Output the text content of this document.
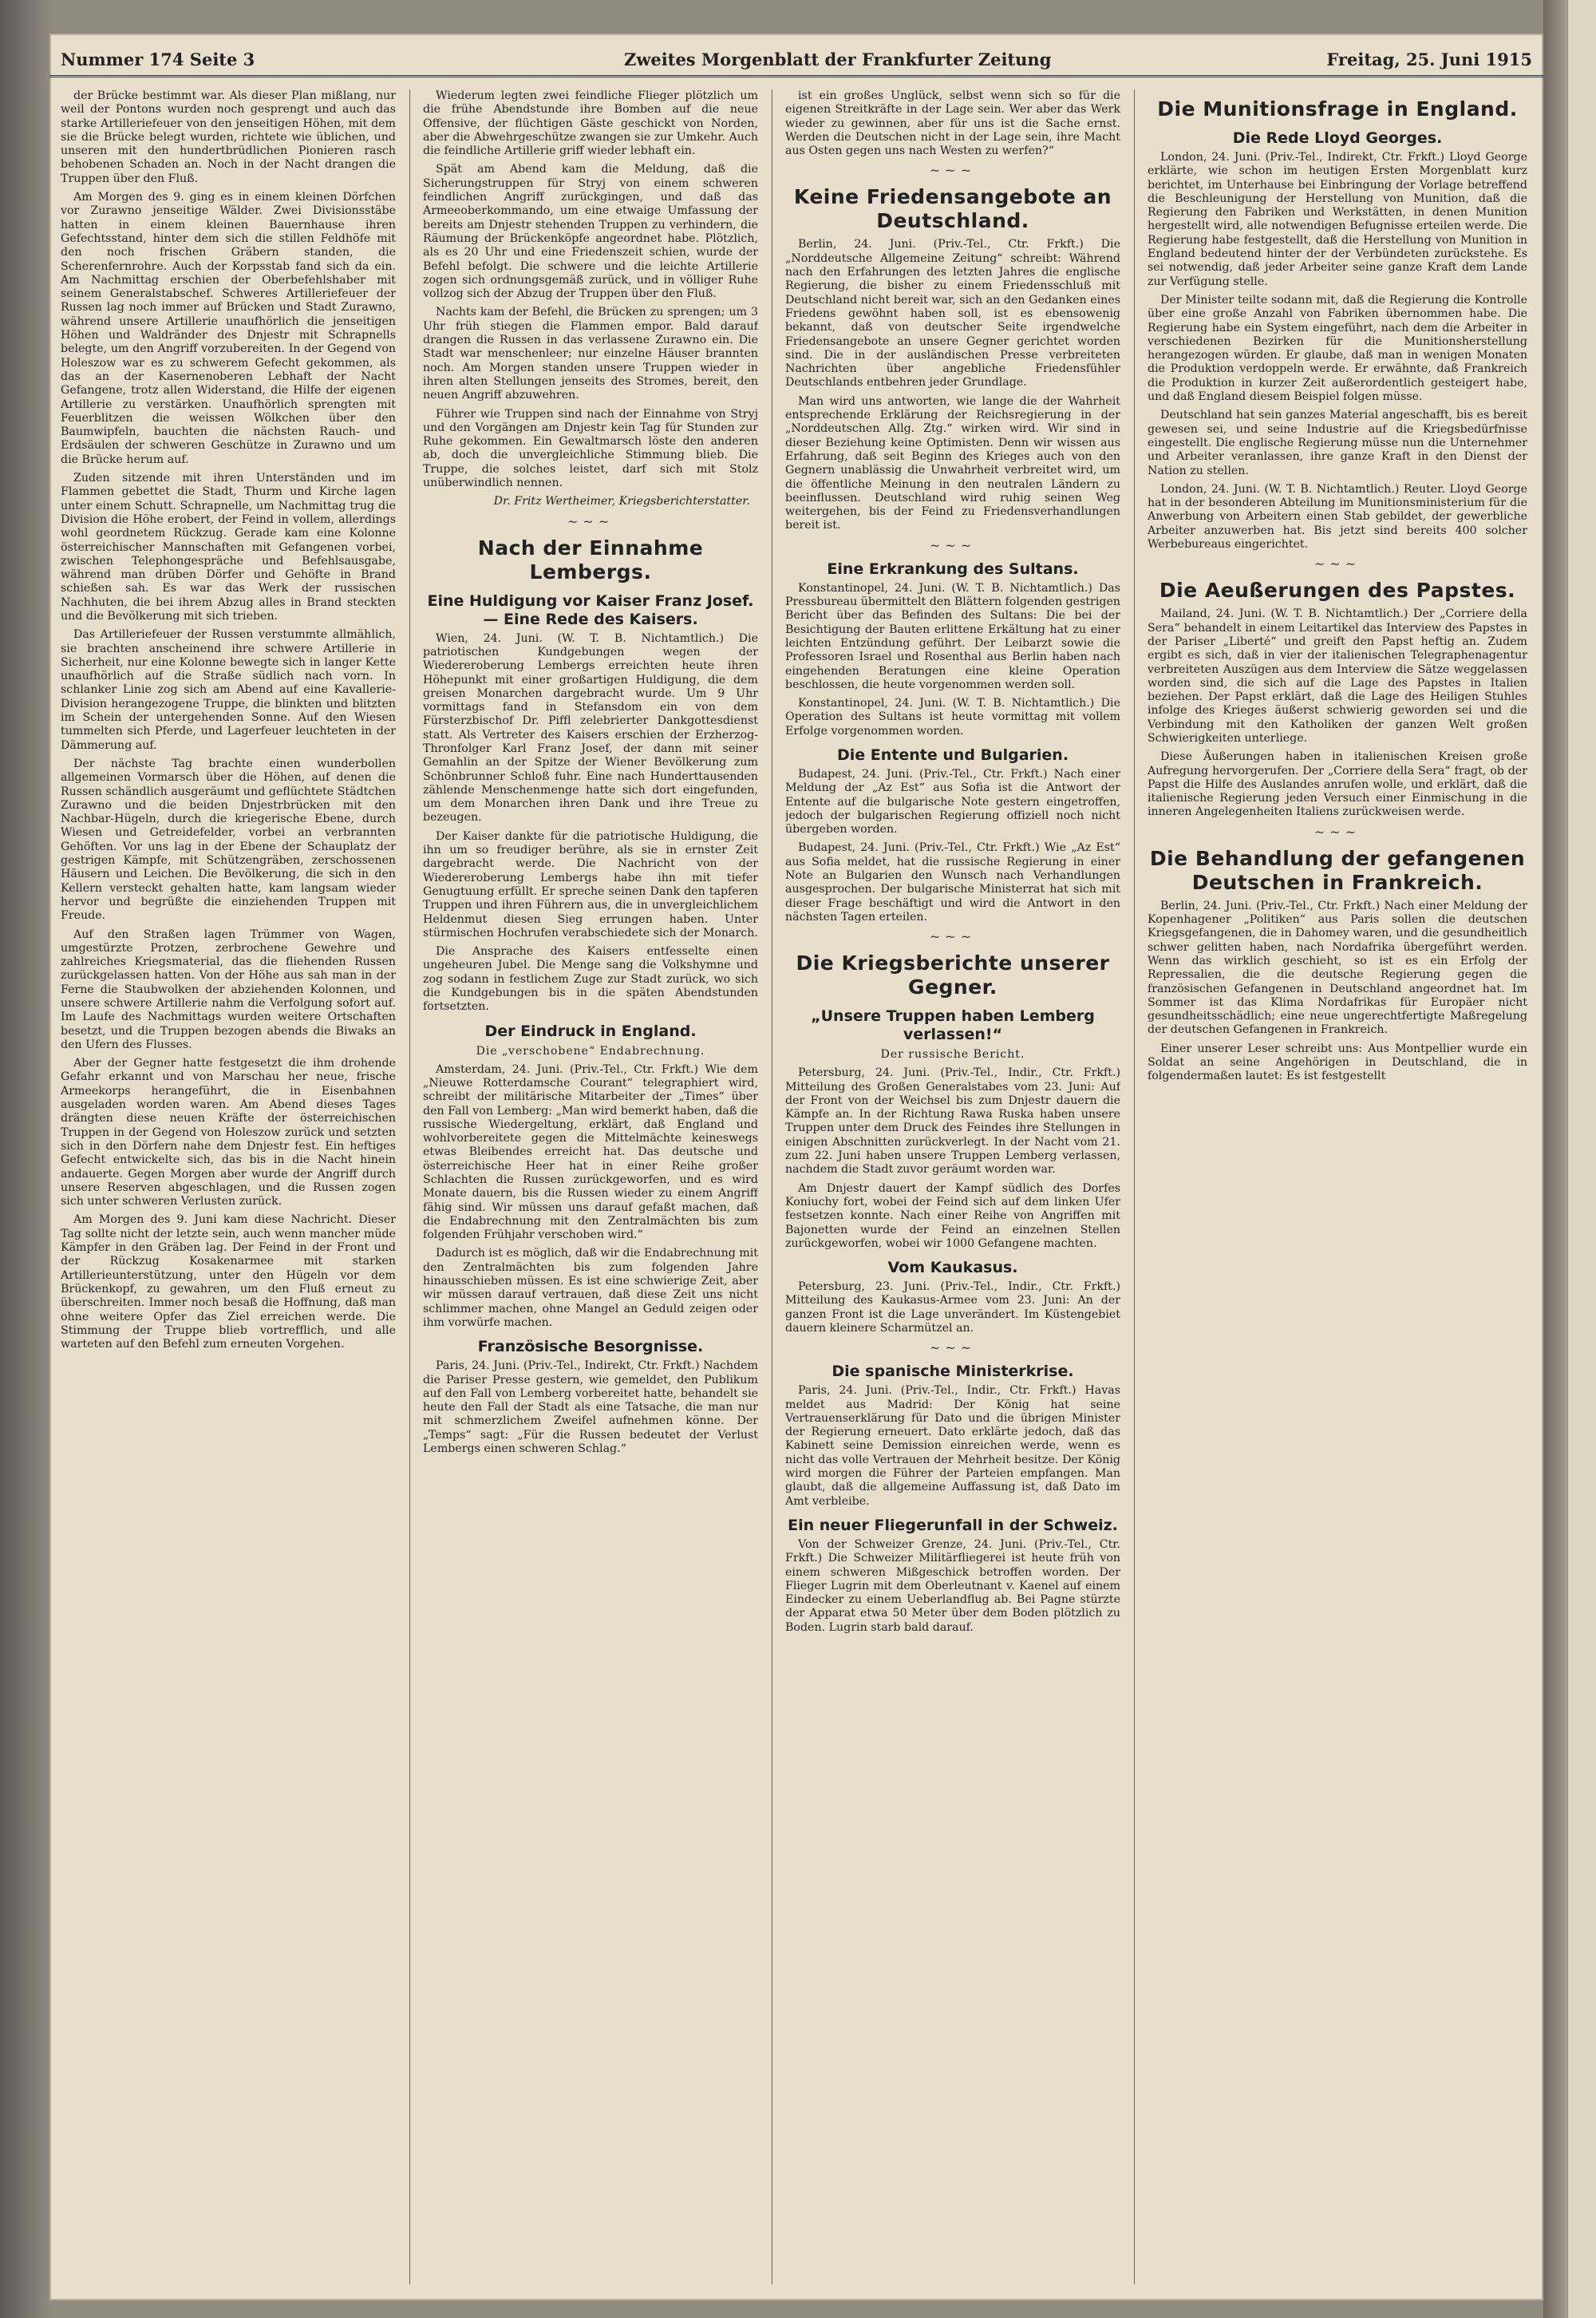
Nummer 174 Seite 3	Zweites Morgenblatt der Frankfurter Zeitung	Freitag, 25. Juni 1915

der Brücke bestimmt war. Als dieser Plan mißlang, nur weil der Pontons wurden noch gesprengt und auch das starke Artilleriefeuer von den jenseitigen Höhen, mit dem sie die Brücke belegt wurden, richtete wie üblichen, und unseren mit den hundertbrüdlichen Pionieren rasch behobenen Schaden an. Noch in der Nacht drangen die Truppen über den Fluß.

Am Morgen des 9. ging es in einem kleinen Dörfchen vor Zurawno jenseitige Wälder. Zwei Divisionsstäbe hatten in einem kleinen Bauernhause ihren Gefechtsstand, hinter dem sich die stillen Feldhöfe mit den noch frischen Gräbern standen, die Scherenfernrohre. Auch der Korpsstab fand sich da ein. Am Nachmittag erschien der Oberbefehlshaber mit seinem Generalstabschef. Schweres Artilleriefeuer der Russen lag noch immer auf Brücken und Stadt Zurawno, während unsere Artillerie unaufhörlich die jenseitigen Höhen und Waldränder des Dnjestr mit Schrapnells belegte, um den Angriff vorzubereiten. In der Gegend von Holeszow war es zu schwerem Gefecht gekommen, als das an der Kasernenoberen Lebhaft der Nacht Gefangene, trotz allen Widerstand, die Hilfe der eigenen Artillerie zu verstärken. Unaufhörlich sprengten mit Feuerblitzen die weissen Wölkchen über den Baumwipfeln, bauchten die nächsten Rauch- und Erdsäulen der schweren Geschütze in Zurawno und um die Brücke herum auf.

Zuden sitzende mit ihren Unterständen und im Flammen gebettet die Stadt, Thurm und Kirche lagen unter einem Schutt. Schrapnelle, um Nachmittag trug die Division die Höhe erobert, der Feind in vollem, allerdings wohl geordnetem Rückzug. Gerade kam eine Kolonne österreichischer Mannschaften mit Gefangenen vorbei, zwischen Telephongespräche und Befehlsausgabe, während man drüben Dörfer und Gehöfte in Brand schießen sah. Es war das Werk der russischen Nachhuten, die bei ihrem Abzug alles in Brand steckten und die Bevölkerung mit sich trieben.

Das Artilleriefeuer der Russen verstummte allmählich, sie brachten anscheinend ihre schwere Artillerie in Sicherheit, nur eine Kolonne bewegte sich in langer Kette unaufhörlich auf die Straße südlich nach vorn. In schlanker Linie zog sich am Abend auf eine Kavallerie-Division herangezogene Truppe, die blinkten und blitzten im Schein der untergehenden Sonne. Auf den Wiesen tummelten sich Pferde, und Lagerfeuer leuchteten in der Dämmerung auf.

Der nächste Tag brachte einen wunderbollen allgemeinen Vormarsch über die Höhen, auf denen die Russen schändlich ausgeräumt und geflüchtete Städtchen Zurawno und die beiden Dnjestrbrücken mit den Nachbar-Hügeln, durch die kriegerische Ebene, durch Wiesen und Getreidefelder, vorbei an verbrannten Gehöften. Vor uns lag in der Ebene der Schauplatz der gestrigen Kämpfe, mit Schützengräben, zerschossenen Häusern und Leichen. Die Bevölkerung, die sich in den Kellern versteckt gehalten hatte, kam langsam wieder hervor und begrüßte die einziehenden Truppen mit Freude.

Auf den Straßen lagen Trümmer von Wagen, umgestürzte Protzen, zerbrochene Gewehre und zahlreiches Kriegsmaterial, das die fliehenden Russen zurückgelassen hatten. Von der Höhe aus sah man in der Ferne die Staubwolken der abziehenden Kolonnen, und unsere schwere Artillerie nahm die Verfolgung sofort auf. Im Laufe des Nachmittags wurden weitere Ortschaften besetzt, und die Truppen bezogen abends die Biwaks an den Ufern des Flusses.

Aber der Gegner hatte festgesetzt die ihm drohende Gefahr erkannt und von Marschau her neue, frische Armeekorps herangeführt, die in Eisenbahnen ausgeladen worden waren. Am Abend dieses Tages drängten diese neuen Kräfte der österreichischen Truppen in der Gegend von Holeszow zurück und setzten sich in den Dörfern nahe dem Dnjestr fest. Ein heftiges Gefecht entwickelte sich, das bis in die Nacht hinein andauerte. Gegen Morgen aber wurde der Angriff durch unsere Reserven abgeschlagen, und die Russen zogen sich unter schweren Verlusten zurück.

Am Morgen des 9. Juni kam diese Nachricht. Dieser Tag sollte nicht der letzte sein, auch wenn mancher müde Kämpfer in den Gräben lag. Der Feind in der Front und der Rückzug Kosakenarmee mit starken Artillerieunterstützung, unter den Hügeln vor dem Brückenkopf, zu gewahren, um den Fluß erneut zu überschreiten. Immer noch besaß die Hoffnung, daß man ohne weitere Opfer das Ziel erreichen werde. Die Stimmung der Truppe blieb vortrefflich, und alle warteten auf den Befehl zum erneuten Vorgehen.

Wiederum legten zwei feindliche Flieger plötzlich um die frühe Abendstunde ihre Bomben auf die neue Offensive, der flüchtigen Gäste geschickt von Norden, aber die Abwehrgeschütze zwangen sie zur Umkehr. Auch die feindliche Artillerie griff wieder lebhaft ein.

Spät am Abend kam die Meldung, daß die Sicherungstruppen für Stryj von einem schweren feindlichen Angriff zurückgingen, und daß das Armeeoberkommando, um eine etwaige Umfassung der bereits am Dnjestr stehenden Truppen zu verhindern, die Räumung der Brückenköpfe angeordnet habe. Plötzlich, als es 20 Uhr und eine Friedenszeit schien, wurde der Befehl befolgt. Die schwere und die leichte Artillerie zogen sich ordnungsgemäß zurück, und in völliger Ruhe vollzog sich der Abzug der Truppen über den Fluß.

Nachts kam der Befehl, die Brücken zu sprengen; um 3 Uhr früh stiegen die Flammen empor. Bald darauf drangen die Russen in das verlassene Zurawno ein. Die Stadt war menschenleer; nur einzelne Häuser brannten noch. Am Morgen standen unsere Truppen wieder in ihren alten Stellungen jenseits des Stromes, bereit, den neuen Angriff abzuwehren.

Führer wie Truppen sind nach der Einnahme von Stryj und den Vorgängen am Dnjestr kein Tag für Stunden zur Ruhe gekommen. Ein Gewaltmarsch löste den anderen ab, doch die unvergleichliche Stimmung blieb. Die Truppe, die solches leistet, darf sich mit Stolz unüberwindlich nennen.

Dr. Fritz Wertheimer, Kriegsberichterstatter.
~~~
Nach der Einnahme Lembergs.
Eine Huldigung vor Kaiser Franz Josef. — Eine Rede des Kaisers.

Wien, 24. Juni. (W. T. B. Nichtamtlich.) Die patriotischen Kundgebungen wegen der Wiedereroberung Lembergs erreichten heute ihren Höhepunkt mit einer großartigen Huldigung, die dem greisen Monarchen dargebracht wurde. Um 9 Uhr vormittags fand in Stefansdom ein von dem Fürsterzbischof Dr. Piffl zelebrierter Dankgottesdienst statt. Als Vertreter des Kaisers erschien der Erzherzog-Thronfolger Karl Franz Josef, der dann mit seiner Gemahlin an der Spitze der Wiener Bevölkerung zum Schönbrunner Schloß fuhr. Eine nach Hunderttausenden zählende Menschenmenge hatte sich dort eingefunden, um dem Monarchen ihren Dank und ihre Treue zu bezeugen.

Der Kaiser dankte für die patriotische Huldigung, die ihn um so freudiger berühre, als sie in ernster Zeit dargebracht werde. Die Nachricht von der Wiedereroberung Lembergs habe ihn mit tiefer Genugtuung erfüllt. Er spreche seinen Dank den tapferen Truppen und ihren Führern aus, die in unvergleichlichem Heldenmut diesen Sieg errungen haben. Unter stürmischen Hochrufen verabschiedete sich der Monarch.

Die Ansprache des Kaisers entfesselte einen ungeheuren Jubel. Die Menge sang die Volkshymne und zog sodann in festlichem Zuge zur Stadt zurück, wo sich die Kundgebungen bis in die späten Abendstunden fortsetzten.

Der Eindruck in England.
Die „verschobene“ Endabrechnung.

Amsterdam, 24. Juni. (Priv.-Tel., Ctr. Frkft.) Wie dem „Nieuwe Rotterdamsche Courant“ telegraphiert wird, schreibt der militärische Mitarbeiter der „Times“ über den Fall von Lemberg: „Man wird bemerkt haben, daß die russische Wiedergeltung, erklärt, daß England und wohlvorbereitete gegen die Mittelmächte keineswegs etwas Bleibendes erreicht hat. Das deutsche und österreichische Heer hat in einer Reihe großer Schlachten die Russen zurückgeworfen, und es wird Monate dauern, bis die Russen wieder zu einem Angriff fähig sind. Wir müssen uns darauf gefaßt machen, daß die Endabrechnung mit den Zentralmächten bis zum folgenden Frühjahr verschoben wird.“

Dadurch ist es möglich, daß wir die Endabrechnung mit den Zentralmächten bis zum folgenden Jahre hinausschieben müssen. Es ist eine schwierige Zeit, aber wir müssen darauf vertrauen, daß diese Zeit uns nicht schlimmer machen, ohne Mangel an Geduld zeigen oder ihm vorwürfe machen.

Französische Besorgnisse.

Paris, 24. Juni. (Priv.-Tel., Indirekt, Ctr. Frkft.) Nachdem die Pariser Presse gestern, wie gemeldet, den Publikum auf den Fall von Lemberg vorbereitet hatte, behandelt sie heute den Fall der Stadt als eine Tatsache, die man nur mit schmerzlichem Zweifel aufnehmen könne. Der „Temps“ sagt: „Für die Russen bedeutet der Verlust Lembergs einen schweren Schlag.“

ist ein großes Unglück, selbst wenn sich so für die eigenen Streitkräfte in der Lage sein. Wer aber das Werk wieder zu gewinnen, aber für uns ist die Sache ernst. Werden die Deutschen nicht in der Lage sein, ihre Macht aus Osten gegen uns nach Westen zu werfen?“

~~~
Keine Friedensangebote an Deutschland.

Berlin, 24. Juni. (Priv.-Tel., Ctr. Frkft.) Die „Norddeutsche Allgemeine Zeitung“ schreibt: Während nach den Erfahrungen des letzten Jahres die englische Regierung, die bisher zu einem Friedensschluß mit Deutschland nicht bereit war, sich an den Gedanken eines Friedens gewöhnt haben soll, ist es ebensowenig bekannt, daß von deutscher Seite irgendwelche Friedensangebote an unsere Gegner gerichtet worden sind. Die in der ausländischen Presse verbreiteten Nachrichten über angebliche Friedensfühler Deutschlands entbehren jeder Grundlage.

Man wird uns antworten, wie lange die der Wahrheit entsprechende Erklärung der Reichsregierung in der „Norddeutschen Allg. Ztg.“ wirken wird. Wir sind in dieser Beziehung keine Optimisten. Denn wir wissen aus Erfahrung, daß seit Beginn des Krieges auch von den Gegnern unablässig die Unwahrheit verbreitet wird, um die öffentliche Meinung in den neutralen Ländern zu beeinflussen. Deutschland wird ruhig seinen Weg weitergehen, bis der Feind zu Friedensverhandlungen bereit ist.

~~~
Eine Erkrankung des Sultans.

Konstantinopel, 24. Juni. (W. T. B. Nichtamtlich.) Das Pressbureau übermittelt den Blättern folgenden gestrigen Bericht über das Befinden des Sultans: Die bei der Besichtigung der Bauten erlittene Erkältung hat zu einer leichten Entzündung geführt. Der Leibarzt sowie die Professoren Israel und Rosenthal aus Berlin haben nach eingehenden Beratungen eine kleine Operation beschlossen, die heute vorgenommen werden soll.

Konstantinopel, 24. Juni. (W. T. B. Nichtamtlich.) Die Operation des Sultans ist heute vormittag mit vollem Erfolge vorgenommen worden.

Die Entente und Bulgarien.

Budapest, 24. Juni. (Priv.-Tel., Ctr. Frkft.) Nach einer Meldung der „Az Est“ aus Sofia ist die Antwort der Entente auf die bulgarische Note gestern eingetroffen, jedoch der bulgarischen Regierung offiziell noch nicht übergeben worden.

Budapest, 24. Juni. (Priv.-Tel., Ctr. Frkft.) Wie „Az Est“ aus Sofia meldet, hat die russische Regierung in einer Note an Bulgarien den Wunsch nach Verhandlungen ausgesprochen. Der bulgarische Ministerrat hat sich mit dieser Frage beschäftigt und wird die Antwort in den nächsten Tagen erteilen.

~~~
Die Kriegsberichte unserer Gegner.
„Unsere Truppen haben Lemberg verlassen!“
Der russische Bericht.

Petersburg, 24. Juni. (Priv.-Tel., Indir., Ctr. Frkft.) Mitteilung des Großen Generalstabes vom 23. Juni: Auf der Front von der Weichsel bis zum Dnjestr dauern die Kämpfe an. In der Richtung Rawa Ruska haben unsere Truppen unter dem Druck des Feindes ihre Stellungen in einigen Abschnitten zurückverlegt. In der Nacht vom 21. zum 22. Juni haben unsere Truppen Lemberg verlassen, nachdem die Stadt zuvor geräumt worden war.

Am Dnjestr dauert der Kampf südlich des Dorfes Koniuchy fort, wobei der Feind sich auf dem linken Ufer festsetzen konnte. Nach einer Reihe von Angriffen mit Bajonetten wurde der Feind an einzelnen Stellen zurückgeworfen, wobei wir 1000 Gefangene machten.

Vom Kaukasus.

Petersburg, 23. Juni. (Priv.-Tel., Indir., Ctr. Frkft.) Mitteilung des Kaukasus-Armee vom 23. Juni: An der ganzen Front ist die Lage unverändert. Im Küstengebiet dauern kleinere Scharmützel an.

~~~
Die spanische Ministerkrise.

Paris, 24. Juni. (Priv.-Tel., Indir., Ctr. Frkft.) Havas meldet aus Madrid: Der König hat seine Vertrauenserklärung für Dato und die übrigen Minister der Regierung erneuert. Dato erklärte jedoch, daß das Kabinett seine Demission einreichen werde, wenn es nicht das volle Vertrauen der Mehrheit besitze. Der König wird morgen die Führer der Parteien empfangen. Man glaubt, daß die allgemeine Auffassung ist, daß Dato im Amt verbleibe.

Ein neuer Fliegerunfall in der Schweiz.

Von der Schweizer Grenze, 24. Juni. (Priv.-Tel., Ctr. Frkft.) Die Schweizer Militärfliegerei ist heute früh von einem schweren Mißgeschick betroffen worden. Der Flieger Lugrin mit dem Oberleutnant v. Kaenel auf einem Eindecker zu einem Ueberlandflug ab. Bei Pagne stürzte der Apparat etwa 50 Meter über dem Boden plötzlich zu Boden. Lugrin starb bald darauf.

Die Munitionsfrage in England.
Die Rede Lloyd Georges.

London, 24. Juni. (Priv.-Tel., Indirekt, Ctr. Frkft.) Lloyd George erklärte, wie schon im heutigen Ersten Morgenblatt kurz berichtet, im Unterhause bei Einbringung der Vorlage betreffend die Beschleunigung der Herstellung von Munition, daß die Regierung den Fabriken und Werkstätten, in denen Munition hergestellt wird, alle notwendigen Befugnisse erteilen werde. Die Regierung habe festgestellt, daß die Herstellung von Munition in England bedeutend hinter der der Verbündeten zurückstehe. Es sei notwendig, daß jeder Arbeiter seine ganze Kraft dem Lande zur Verfügung stelle.

Der Minister teilte sodann mit, daß die Regierung die Kontrolle über eine große Anzahl von Fabriken übernommen habe. Die Regierung habe ein System eingeführt, nach dem die Arbeiter in verschiedenen Bezirken für die Munitionsherstellung herangezogen würden. Er glaube, daß man in wenigen Monaten die Produktion verdoppeln werde. Er erwähnte, daß Frankreich die Produktion in kurzer Zeit außerordentlich gesteigert habe, und daß England diesem Beispiel folgen müsse.

Deutschland hat sein ganzes Material angeschafft, bis es bereit gewesen sei, und seine Industrie auf die Kriegsbedürfnisse eingestellt. Die englische Regierung müsse nun die Unternehmer und Arbeiter veranlassen, ihre ganze Kraft in den Dienst der Nation zu stellen.

London, 24. Juni. (W. T. B. Nichtamtlich.) Reuter. Lloyd George hat in der besonderen Abteilung im Munitionsministerium für die Anwerbung von Arbeitern einen Stab gebildet, der gewerbliche Arbeiter anzuwerben hat. Bis jetzt sind bereits 400 solcher Werbebureaus eingerichtet.

~~~
Die Aeußerungen des Papstes.

Mailand, 24. Juni. (W. T. B. Nichtamtlich.) Der „Corriere della Sera“ behandelt in einem Leitartikel das Interview des Papstes in der Pariser „Liberté“ und greift den Papst heftig an. Zudem ergibt es sich, daß in vier der italienischen Telegraphenagentur verbreiteten Auszügen aus dem Interview die Sätze weggelassen worden sind, die sich auf die Lage des Papstes in Italien beziehen. Der Papst erklärt, daß die Lage des Heiligen Stuhles infolge des Krieges äußerst schwierig geworden sei und die Verbindung mit den Katholiken der ganzen Welt großen Schwierigkeiten unterliege.

Diese Äußerungen haben in italienischen Kreisen große Aufregung hervorgerufen. Der „Corriere della Sera“ fragt, ob der Papst die Hilfe des Auslandes anrufen wolle, und erklärt, daß die italienische Regierung jeden Versuch einer Einmischung in die inneren Angelegenheiten Italiens zurückweisen werde.

~~~
Die Behandlung der gefangenen Deutschen in Frankreich.

Berlin, 24. Juni. (Priv.-Tel., Ctr. Frkft.) Nach einer Meldung der Kopenhagener „Politiken“ aus Paris sollen die deutschen Kriegsgefangenen, die in Dahomey waren, und die gesundheitlich schwer gelitten haben, nach Nordafrika übergeführt werden. Wenn das wirklich geschieht, so ist es ein Erfolg der Repressalien, die die deutsche Regierung gegen die französischen Gefangenen in Deutschland angeordnet hat. Im Sommer ist das Klima Nordafrikas für Europäer nicht gesundheitsschädlich; eine neue ungerechtfertigte Maßregelung der deutschen Gefangenen in Frankreich.

Einer unserer Leser schreibt uns: Aus Montpellier wurde ein Soldat an seine Angehörigen in Deutschland, die in folgendermaßen lautet: Es ist festgestellt
